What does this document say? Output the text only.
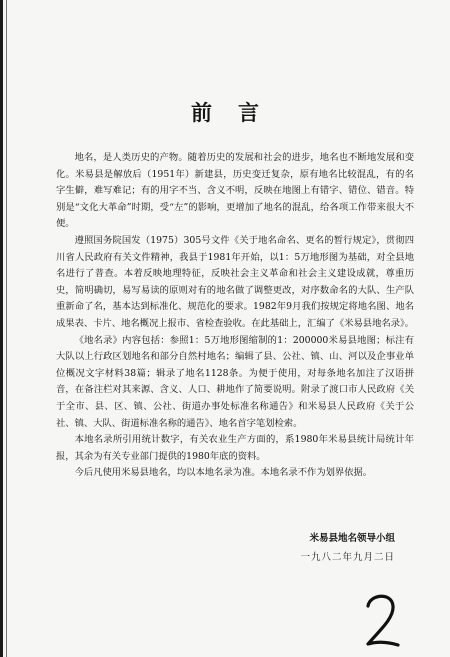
前言

地名，是人类历史的产物。随着历史的发展和社会的进步，地名也不断地发展和变化。米易县是解放后（1951年）新建县，历史变迁复杂，原有地名比较混乱，有的名字生僻，难写难记；有的用字不当、含义不明，反映在地图上有错字、错位、错音。特别是“文化大革命”时期，受“左”的影响，更增加了地名的混乱，给各项工作带来很大不便。

遵照国务院国发（1975）305号文件《关于地名命名、更名的暂行规定》，贯彻四川省人民政府有关文件精神，我县于1981年开始，以1：5万地形图为基础，对全县地名进行了普查。本着反映地理特征，反映社会主义革命和社会主义建设成就，尊重历史，简明确切，易写易读的原则对有的地名做了调整更改，对序数命名的大队、生产队重新命了名，基本达到标准化、规范化的要求。1982年9月我们按规定将地名图、地名成果表、卡片、地名概况上报市、省检查验收。在此基础上，汇编了《米易县地名录》。

《地名录》内容包括：参照1：5万地形图缩制的1：200000米易县地图；标注有大队以上行政区划地名和部分自然村地名；编辑了县、公社、镇、山、河以及企事业单位概况文字材料38篇；辑录了地名1128条。为便于使用，对每条地名加注了汉语拼音，在备注栏对其来源、含义、人口、耕地作了简要说明。附录了渡口市人民政府《关于全市、县、区、镇、公社、街道办事处标准名称通告》和米易县人民政府《关于公社、镇、大队、街道标准名称的通告》、地名首字笔划检索。

本地名录所引用统计数字，有关农业生产方面的，系1980年米易县统计局统计年报，其余为有关专业部门提供的1980年底的资料。

今后凡使用米易县地名，均以本地名录为准。本地名录不作为划界依据。

米易县地名领导小组
一九八二年九月二日
